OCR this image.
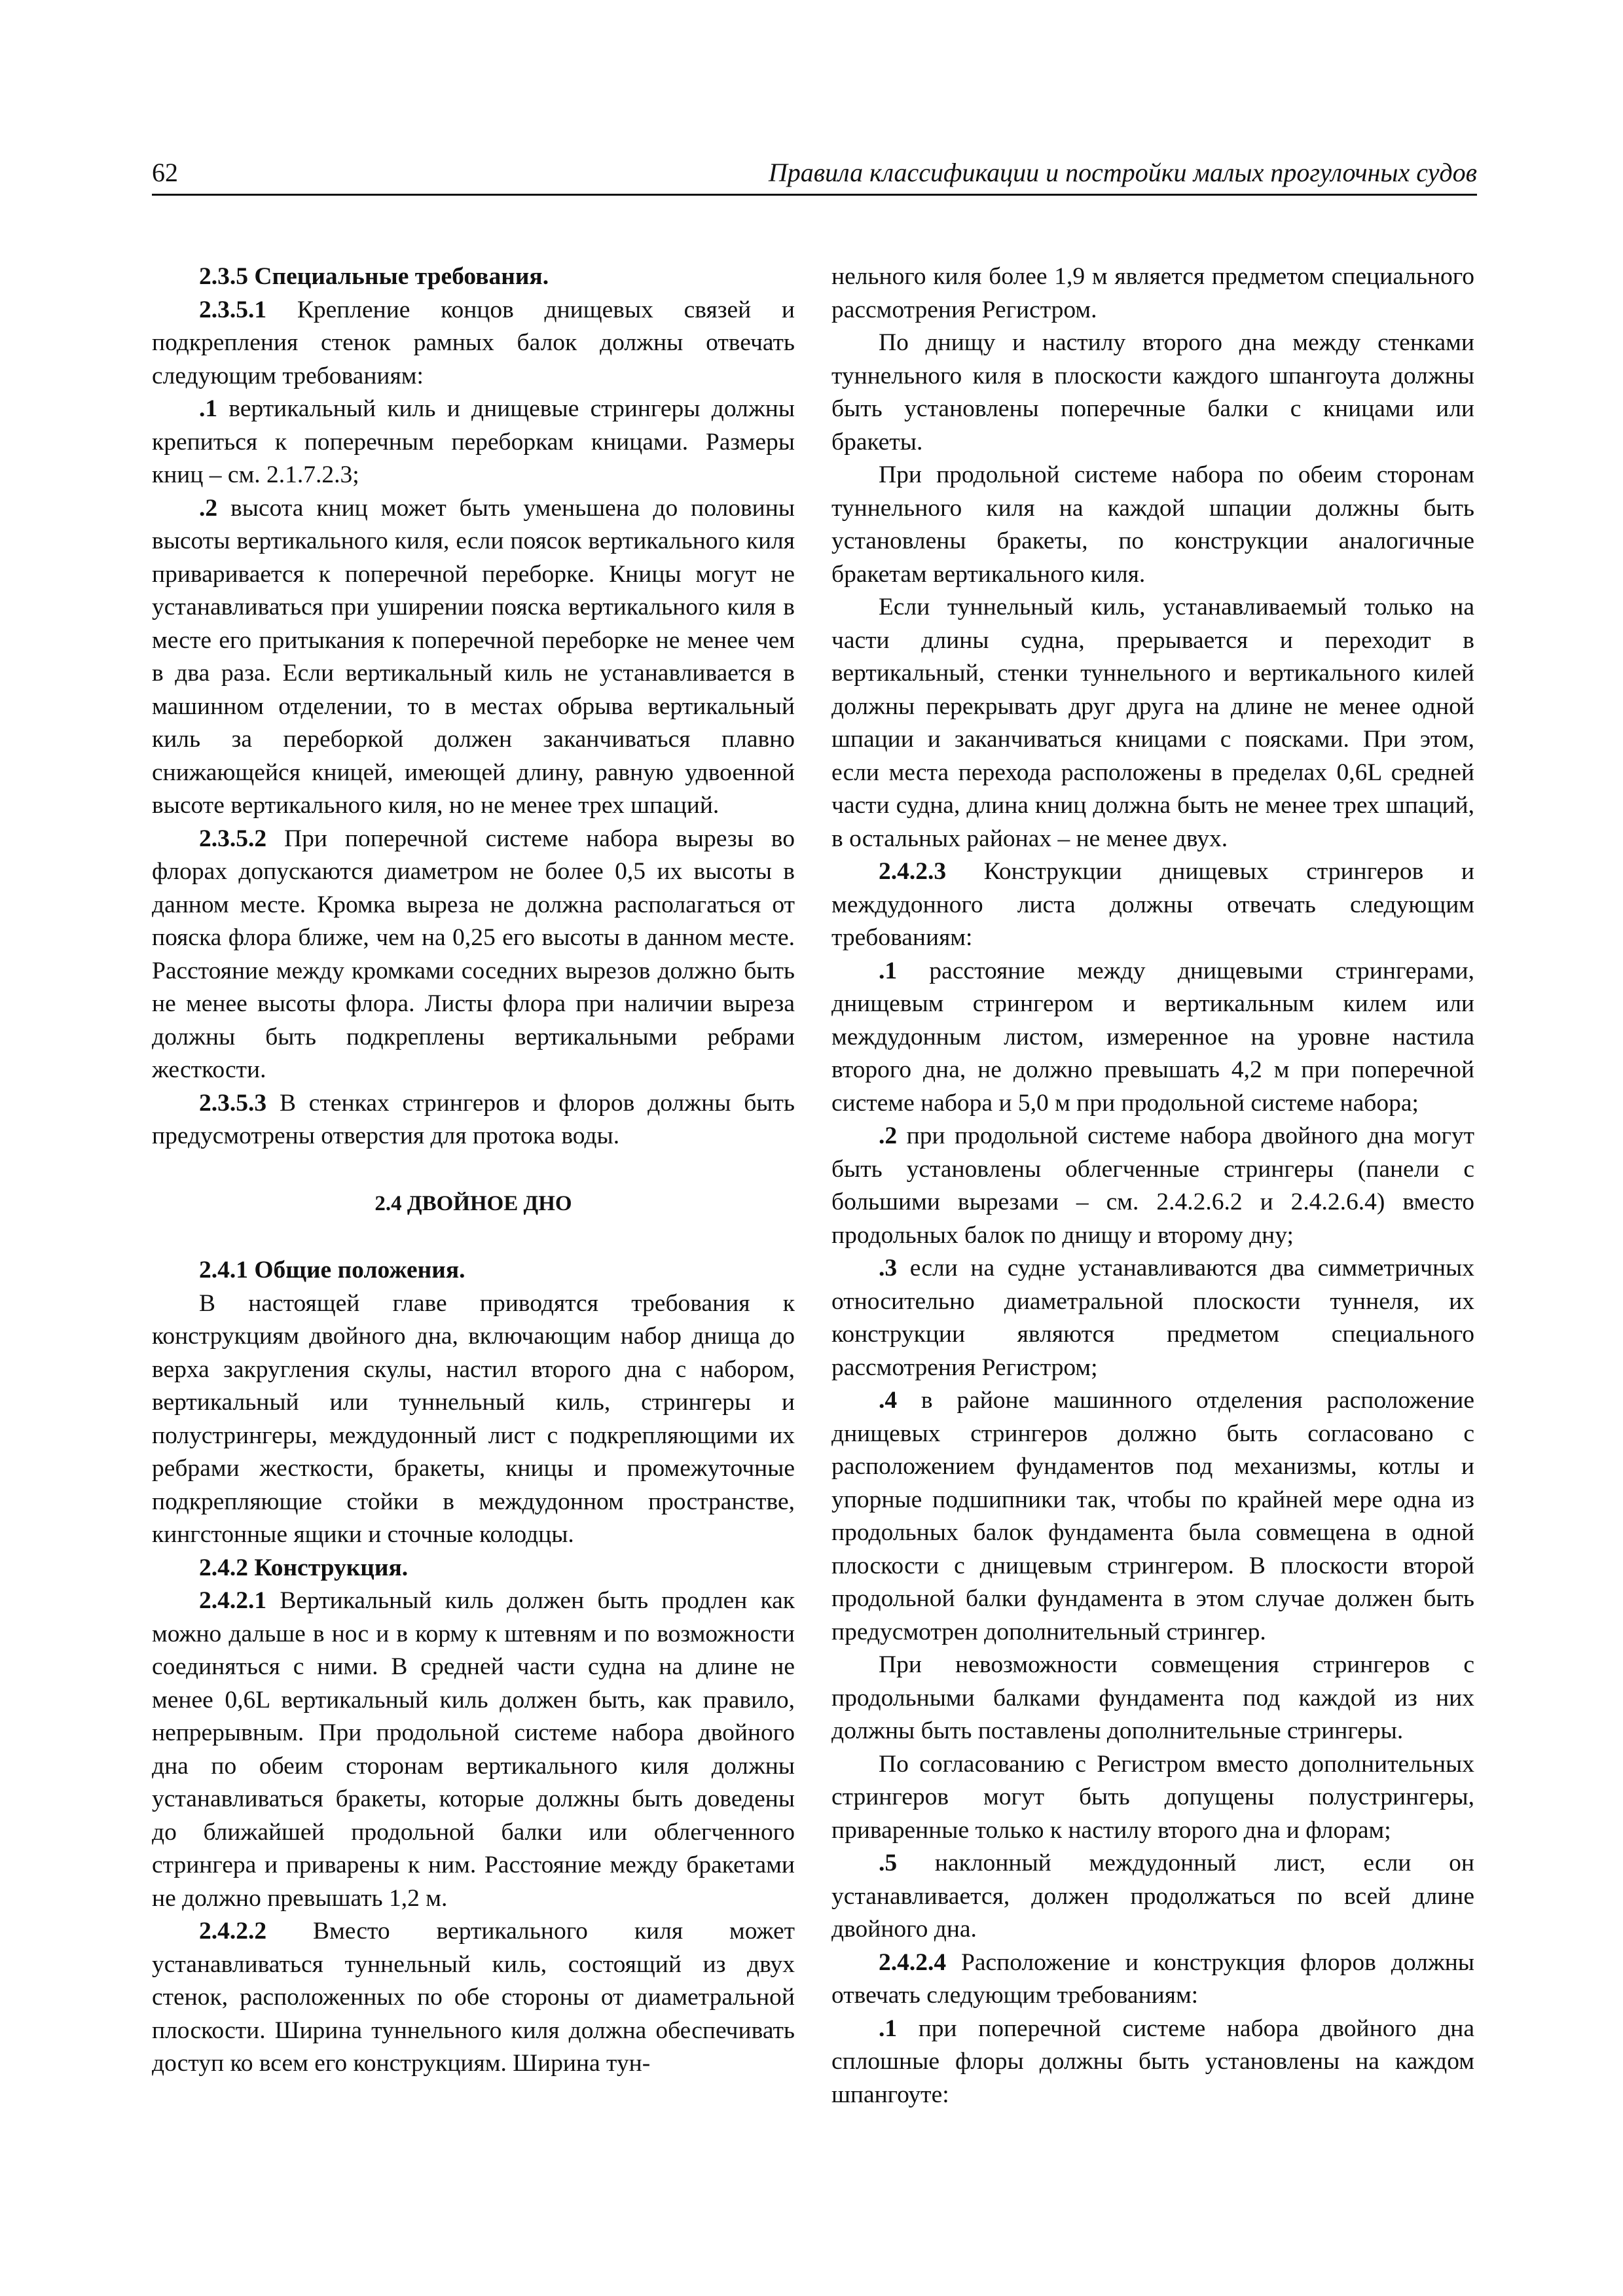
62	Правила классификации и постройки малых прогулочных судов

2.3.5 Специальные требования.

2.3.5.1 Крепление концов днищевых связей и подкрепления стенок рамных балок должны отвечать следующим требованиям:

.1 вертикальный киль и днищевые стрингеры должны крепиться к поперечным переборкам кницами. Размеры книц – см. 2.1.7.2.3;

.2 высота книц может быть уменьшена до половины высоты вертикального киля, если поясок вертикального киля приваривается к поперечной переборке. Кницы могут не устанавливаться при уширении пояска вертикального киля в месте его притыкания к поперечной переборке не менее чем в два раза. Если вертикальный киль не устанавливается в машинном отделении, то в местах обрыва вертикальный киль за переборкой должен заканчиваться плавно снижающейся кницей, имеющей длину, равную удвоенной высоте вертикального киля, но не менее трех шпаций.

2.3.5.2 При поперечной системе набора вырезы во флорах допускаются диаметром не более 0,5 их высоты в данном месте. Кромка выреза не должна располагаться от пояска флора ближе, чем на 0,25 его высоты в данном месте. Расстояние между кромками соседних вырезов должно быть не менее высоты флора. Листы флора при наличии выреза должны быть подкреплены вертикальными ребрами жесткости.

2.3.5.3 В стенках стрингеров и флоров должны быть предусмотрены отверстия для протока воды.

2.4 ДВОЙНОЕ ДНО

2.4.1 Общие положения.

В настоящей главе приводятся требования к конструкциям двойного дна, включающим набор днища до верха закругления скулы, настил второго дна с набором, вертикальный или туннельный киль, стрингеры и полустрингеры, междудонный лист с подкрепляющими их ребрами жесткости, бракеты, кницы и промежуточные подкрепляющие стойки в междудонном пространстве, кингстонные ящики и сточные колодцы.

2.4.2 Конструкция.

2.4.2.1 Вертикальный киль должен быть продлен как можно дальше в нос и в корму к штевням и по возможности соединяться с ними. В средней части судна на длине не менее 0,6L вертикальный киль должен быть, как правило, непрерывным. При продольной системе набора двойного дна по обеим сторонам вертикального киля должны устанавливаться бракеты, которые должны быть доведены до ближайшей продольной балки или облегченного стрингера и приварены к ним. Расстояние между бракетами не должно превышать 1,2 м.

2.4.2.2 Вместо вертикального киля может устанавливаться туннельный киль, состоящий из двух стенок, расположенных по обе стороны от диаметральной плоскости. Ширина туннельного киля должна обеспечивать доступ ко всем его конструкциям. Ширина тун-

нельного киля более 1,9 м является предметом специального рассмотрения Регистром.

По днищу и настилу второго дна между стенками туннельного киля в плоскости каждого шпангоута должны быть установлены поперечные балки с кницами или бракеты.

При продольной системе набора по обеим сторонам туннельного киля на каждой шпации должны быть установлены бракеты, по конструкции аналогичные бракетам вертикального киля.

Если туннельный киль, устанавливаемый только на части длины судна, прерывается и переходит в вертикальный, стенки туннельного и вертикального килей должны перекрывать друг друга на длине не менее одной шпации и заканчиваться кницами с поясками. При этом, если места перехода расположены в пределах 0,6L средней части судна, длина книц должна быть не менее трех шпаций, в остальных районах – не менее двух.

2.4.2.3 Конструкции днищевых стрингеров и междудонного листа должны отвечать следующим требованиям:

.1 расстояние между днищевыми стрингерами, днищевым стрингером и вертикальным килем или междудонным листом, измеренное на уровне настила второго дна, не должно превышать 4,2 м при поперечной системе набора и 5,0 м при продольной системе набора;

.2 при продольной системе набора двойного дна могут быть установлены облегченные стрингеры (панели с большими вырезами – см. 2.4.2.6.2 и 2.4.2.6.4) вместо продольных балок по днищу и второму дну;

.3 если на судне устанавливаются два симметричных относительно диаметральной плоскости туннеля, их конструкции являются предметом специального рассмотрения Регистром;

.4 в районе машинного отделения расположение днищевых стрингеров должно быть согласовано с расположением фундаментов под механизмы, котлы и упорные подшипники так, чтобы по крайней мере одна из продольных балок фундамента была совмещена в одной плоскости с днищевым стрингером. В плоскости второй продольной балки фундамента в этом случае должен быть предусмотрен дополнительный стрингер.

При невозможности совмещения стрингеров с продольными балками фундамента под каждой из них должны быть поставлены дополнительные стрингеры.

По согласованию с Регистром вместо дополнительных стрингеров могут быть допущены полустрингеры, приваренные только к настилу второго дна и флорам;

.5 наклонный междудонный лист, если он устанавливается, должен продолжаться по всей длине двойного дна.

2.4.2.4 Расположение и конструкция флоров должны отвечать следующим требованиям:

.1 при поперечной системе набора двойного дна сплошные флоры должны быть установлены на каждом шпангоуте:
